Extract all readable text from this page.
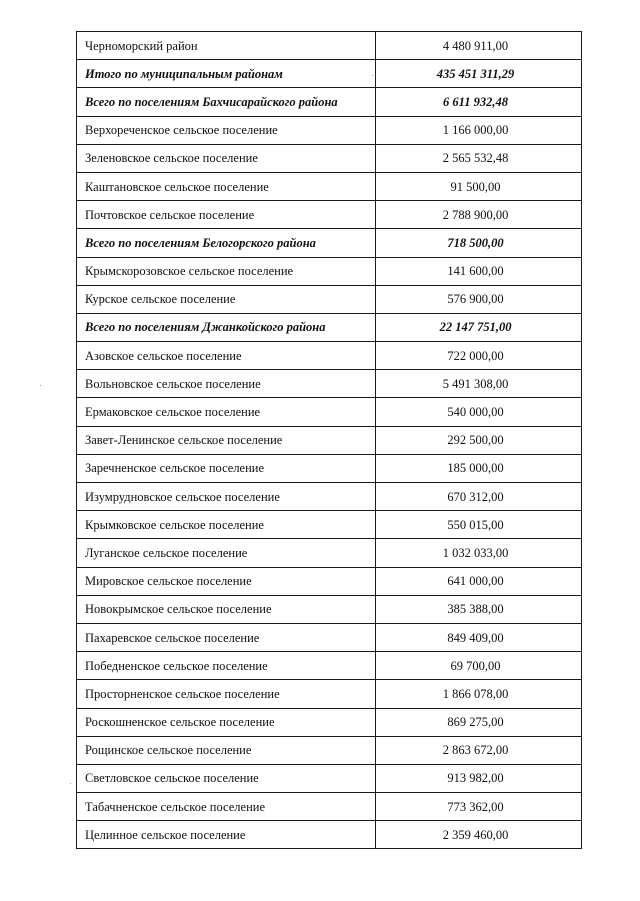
Черноморский район	4 480 911,00
Итого по муниципальным районам	435 451 311,29
Всего по поселениям Бахчисарайского района	6 611 932,48
Верхореченское сельское поселение	1 166 000,00
Зеленовское сельское поселение	2 565 532,48
Каштановское сельское поселение	91 500,00
Почтовское сельское поселение	2 788 900,00
Всего по поселениям Белогорского района	718 500,00
Крымскорозовское сельское поселение	141 600,00
Курское сельское поселение	576 900,00
Всего по поселениям Джанкойского района	22 147 751,00
Азовское сельское поселение	722 000,00
Вольновское сельское поселение	5 491 308,00
Ермаковское сельское поселение	540 000,00
Завет-Ленинское сельское поселение	292 500,00
Заречненское сельское поселение	185 000,00
Изумрудновское сельское поселение	670 312,00
Крымковское сельское поселение	550 015,00
Луганское сельское поселение	1 032 033,00
Мировское сельское поселение	641 000,00
Новокрымское сельское поселение	385 388,00
Пахаревское сельское поселение	849 409,00
Победненское сельское поселение	69 700,00
Просторненское сельское поселение	1 866 078,00
Роскошненское сельское поселение	869 275,00
Рощинское сельское поселение	2 863 672,00
Светловское сельское поселение	913 982,00
Табачненское сельское поселение	773 362,00
Целинное сельское поселение	2 359 460,00
